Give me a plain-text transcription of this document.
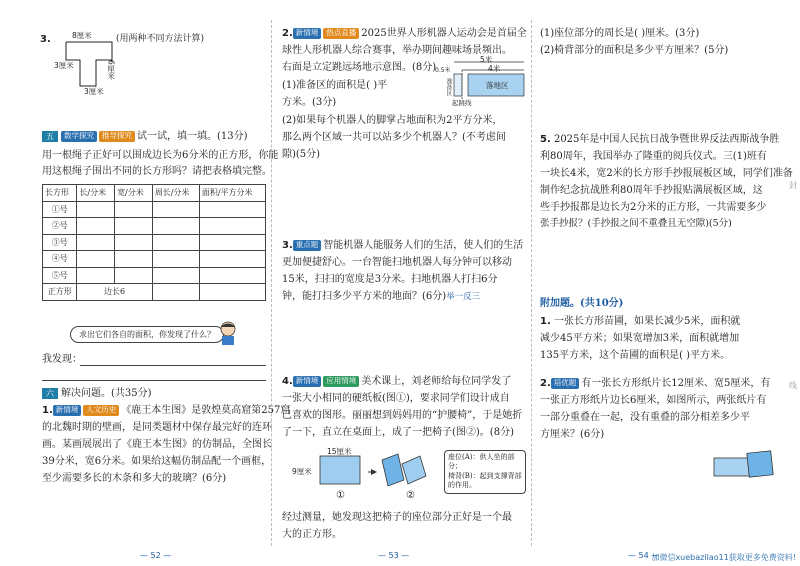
3.	8厘米
6厘米
3厘米
3厘米
(用两种不同方法计算)
五 数学探究 推导探究 试一试，填一填。(13分)
用一根绳子正好可以围成边长为6分米的正方形，你能
用这根绳子围出不同的长方形吗？请把表格填完整。
长方形	长/分米	宽/分米	周长/分米	面积/平方分米
①号				
②号				
③号				
④号				
⑤号				
正方形	边长6			
求出它们各自的面积，你发现了什么？
我发现：
六 解决问题。(共35分)
1. 新情境 人文历史 《鹿王本生图》是敦煌莫高窟第257窟
的北魏时期的壁画，是同类题材中保存最完好的连环
画。某画展展出了《鹿王本生图》的仿制品，全图长
39分米，宽6分米。如果给这幅仿制品配一个画框，
至少需要多长的木条和多大的玻璃？(6分)
— 52 —
2. 新情境 热点直播 2025世界人形机器人运动会是首届全
球性人形机器人综合赛事，举办期间趣味场景频出。
右面是立定跳远场地示意图。(8分)
5米
4米
准备区	落地区
起跳线
0.5米
(1)准备区的面积是( )平
方米。(3分)
(2)如果每个机器人的脚掌占地面积为2平方分米，
那么两个区域一共可以站多少个机器人？(不考虑间
隙)(5分)
3. 重点题 智能机器人能服务人们的生活，使人们的生活
更加便捷舒心。一台智能扫地机器人每分钟可以移动
15米，扫扫的宽度是3分米。扫地机器人打扫6分
钟，能打扫多少平方米的地面？(6分)举一反三
4. 新情境 应用情境 美术课上，刘老师给每位同学发了
一张大小相同的硬纸板(图①)，要求同学们设计成自
己喜欢的图形。丽丽想到妈妈用的“护腰椅”，于是她折
了一下，直立在桌面上，成了一把椅子(图②)。(8分)
15厘米
9厘米
①	②
座位(A)：供人坐的部分；
椅背(B)：起到支撑背部
的作用。
经过测量，她发现这把椅子的座位部分正好是一个最
大的正方形。
— 53 —
(1)座位部分的周长是( )厘米。(3分)
(2)椅背部分的面积是多少平方厘米？(5分)
5. 2025年是中国人民抗日战争暨世界反法西斯战争胜
利80周年，我国举办了隆重的阅兵仪式。三(1)班有
一块长4米，宽2米的长方形手抄报展板区域，同学们准备
制作纪念抗战胜利80周年手抄报贴满展板区域，这
些手抄报都是边长为2分米的正方形，一共需要多少
张手抄报？(手抄报之间不重叠且无空隙)(5分)
附加题。(共10分)
1. 一张长方形苗圃，如果长减少5米，面积就
减少45平方米；如果宽增加3米，面积就增加
135平方米，这个苗圃的面积是( )平方米。
2. 培优题 有一张长方形纸片长12厘米、宽5厘米，有
一张正方形纸片边长6厘米，如图所示，两张纸片有
一部分重叠在一起，没有重叠的部分相差多少平
方厘米？(6分)
— 54 —
封
线
加微信xuebazilao11获取更多免费资料!
